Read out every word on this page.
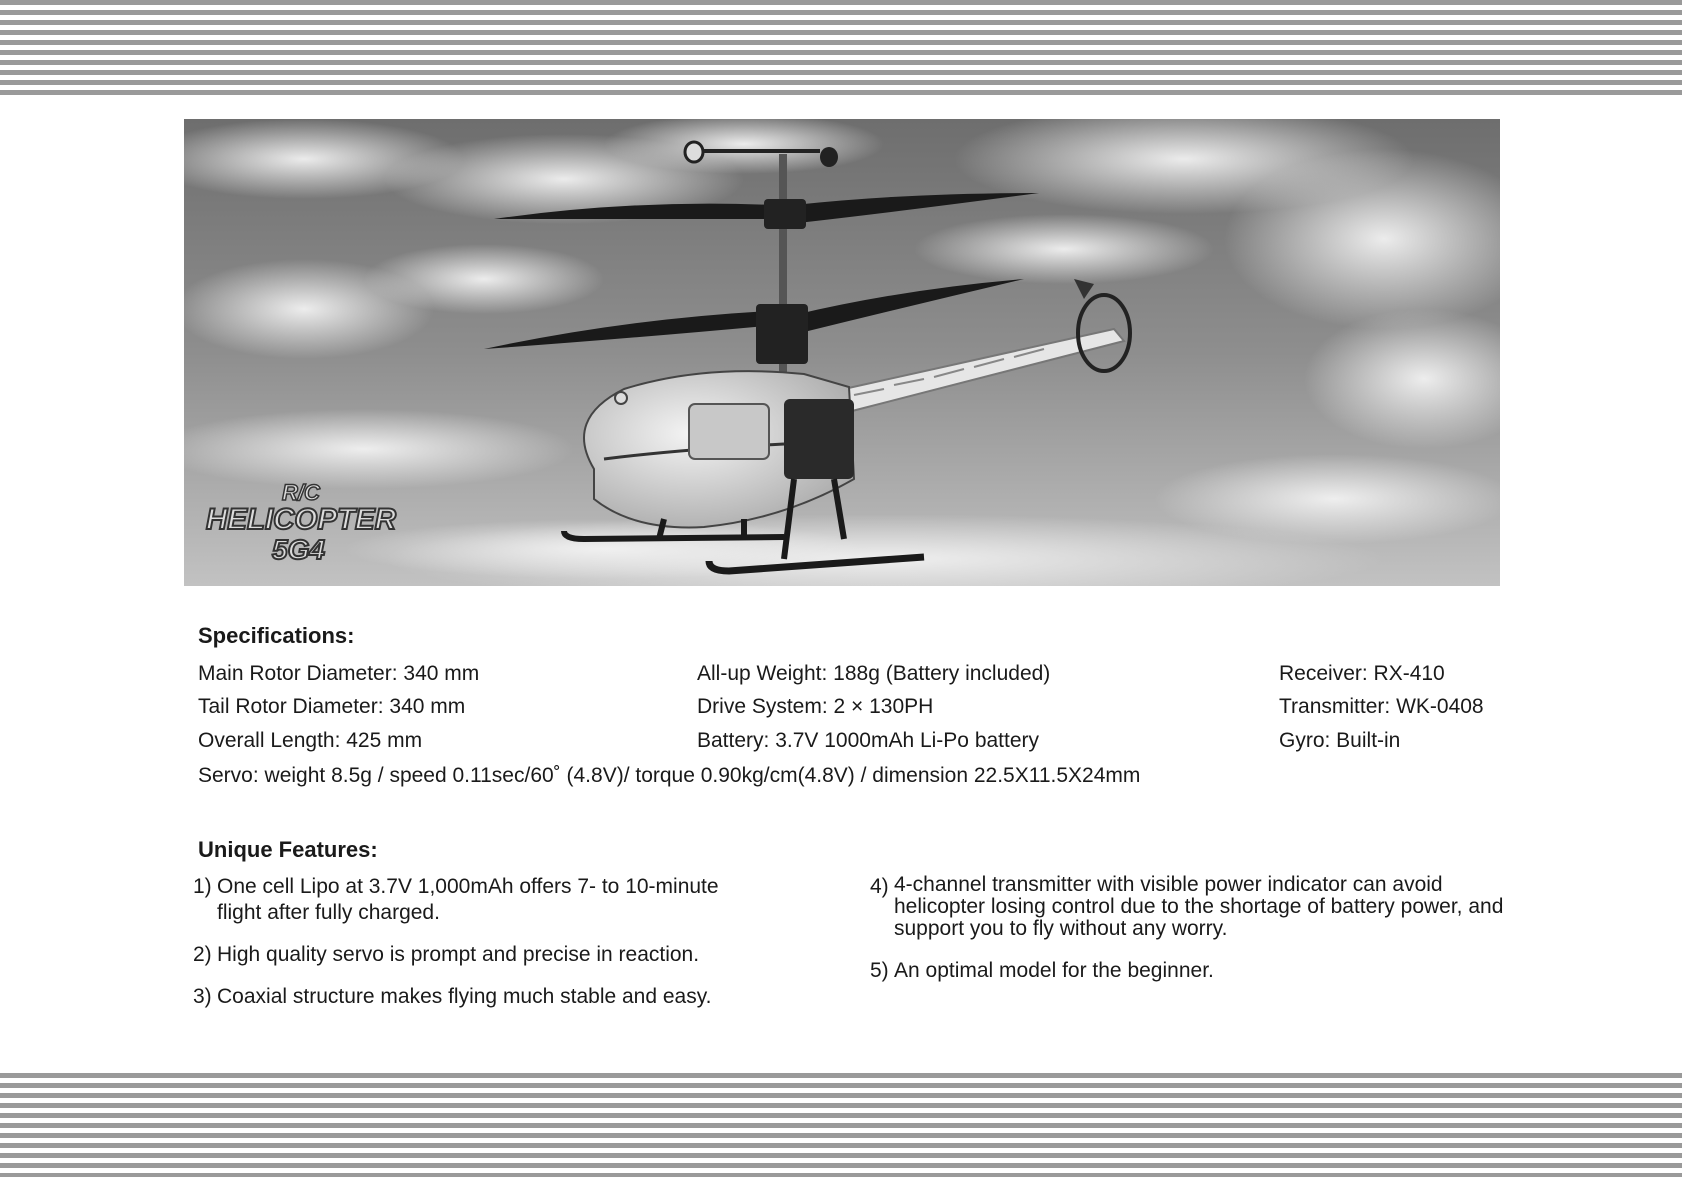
R/C
HELICOPTER
5G4
Specifications:
Main Rotor Diameter: 340 mm
Tail Rotor Diameter: 340 mm
Overall Length: 425 mm
All-up Weight: 188g (Battery included)
Drive System: 2 × 130PH
Battery: 3.7V 1000mAh Li-Po battery
Receiver: RX-410
Transmitter: WK-0408
Gyro: Built-in
Servo: weight 8.5g / speed 0.11sec/60˚ (4.8V)/ torque 0.90kg/cm(4.8V) / dimension 22.5X11.5X24mm
Unique Features:
1) One cell Lipo at 3.7V 1,000mAh offers 7- to 10-minute flight after fully charged.
2) High quality servo is prompt and precise in reaction.
3) Coaxial structure makes flying much stable and easy.
4) 4-channel transmitter with visible power indicator can avoid helicopter losing control due to the shortage of battery power, and support you to fly without any worry.
5) An optimal model for the beginner.
